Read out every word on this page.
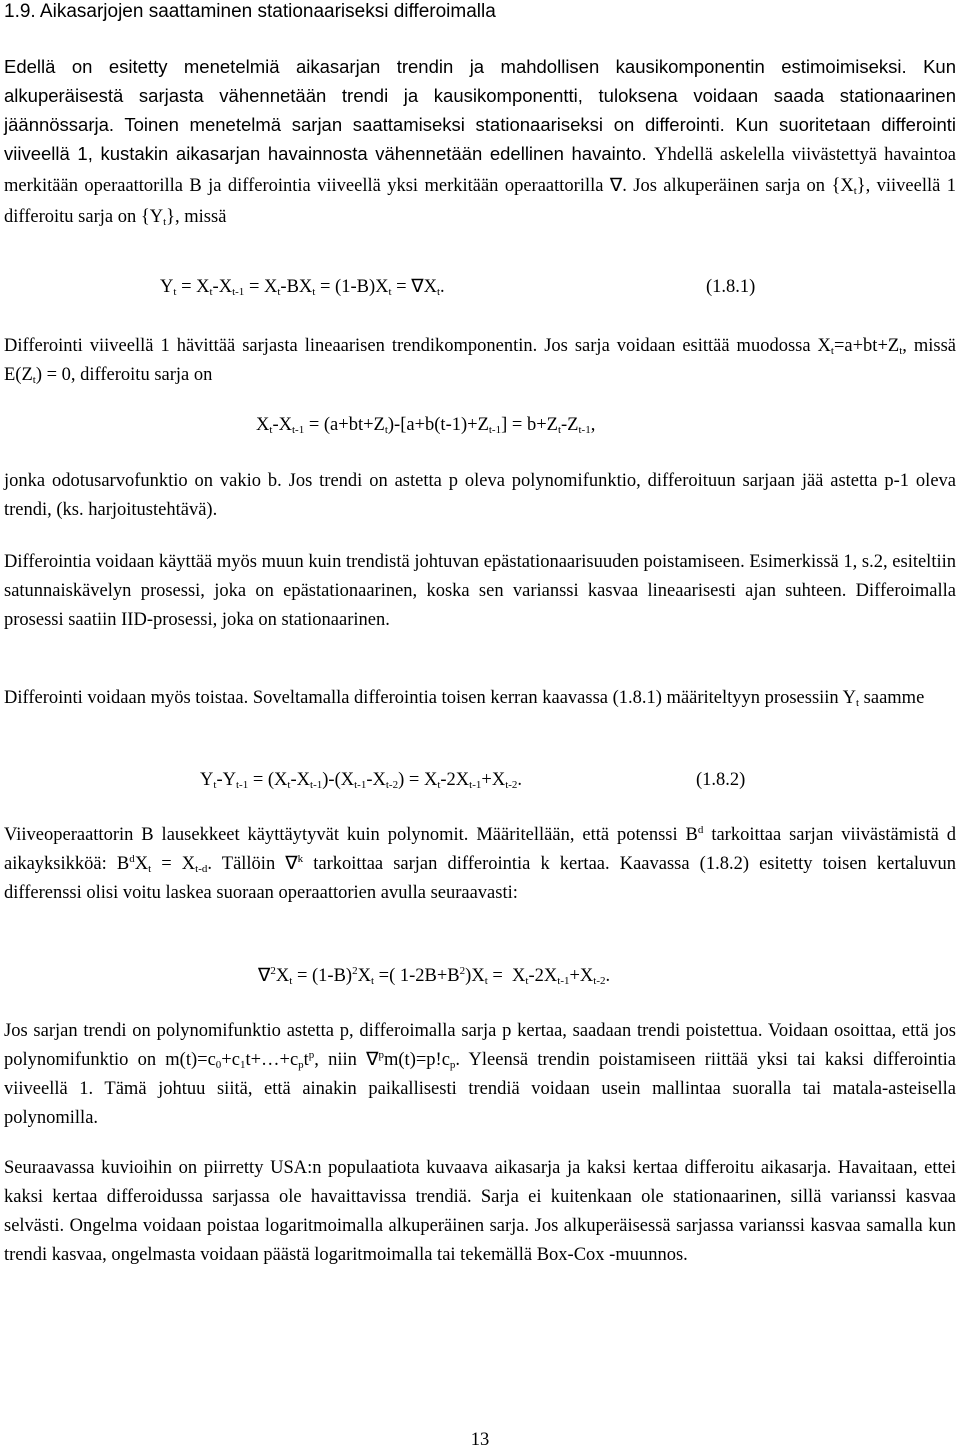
1.9. Aikasarjojen saattaminen stationaariseksi differoimalla
Edellä on esitetty menetelmiä aikasarjan trendin ja mahdollisen kausikomponentin estimoimiseksi. Kun alkuperäisestä sarjasta vähennetään trendi ja kausikomponentti, tuloksena voidaan saada stationaarinen jäännössarja. Toinen menetelmä sarjan saattamiseksi stationaariseksi on differointi. Kun suoritetaan differointi viiveellä 1, kustakin aikasarjan havainnosta vähennetään edellinen havainto. Yhdellä askelella viivästettyä havaintoa merkitään operaattorilla B ja differointia viiveellä yksi merkitään operaattorilla ∇. Jos alkuperäinen sarja on $\{X_t\}$, viiveellä 1 differoitu sarja on $\{Y_t\}$, missä
$Y_t = X_t-X_{t-1} = X_t-BX_t = (1-B)X_t = \nabla X_t$.	(1.8.1)
Differointi viiveellä 1 hävittää sarjasta lineaarisen trendikomponentin. Jos sarja voidaan esittää muodossa $X_t=a+bt+Z_t$, missä $E(Z_t) = 0$, differoitu sarja on
$X_t-X_{t-1} = (a+bt+Z_t)-[a+b(t-1)+Z_{t-1}] = b+Z_t-Z_{t-1}$,
jonka odotusarvofunktio on vakio b. Jos trendi on astetta p oleva polynomifunktio, differoituun sarjaan jää astetta p-1 oleva trendi, (ks. harjoitustehtävä).
Differointia voidaan käyttää myös muun kuin trendistä johtuvan epästationaarisuuden poistamiseen. Esimerkissä 1, s.2, esiteltiin satunnaiskävelyn prosessi, joka on epästationaarinen, koska sen varianssi kasvaa lineaarisesti ajan suhteen. Differoimalla prosessi saatiin IID-prosessi, joka on stationaarinen.
Differointi voidaan myös toistaa. Soveltamalla differointia toisen kerran kaavassa (1.8.1) määriteltyyn prosessiin $Y_t$ saamme
$Y_t-Y_{t-1} = (X_t-X_{t-1})-(X_{t-1}-X_{t-2}) = X_t-2X_{t-1}+X_{t-2}$.	(1.8.2)
Viiveoperaattorin B lausekkeet käyttäytyvät kuin polynomit. Määritellään, että potenssi $B^d$ tarkoittaa sarjan viivästämistä d aikayksikköä: $B^dX_t = X_{t-d}$. Tällöin ∇$^k$ tarkoittaa sarjan differointia k kertaa. Kaavassa (1.8.2) esitetty toisen kertaluvun differenssi olisi voitu laskea suoraan operaattorien avulla seuraavasti:
$\nabla^2X_t = (1-B)^2X_t$ =( $1-2B+B^2)X_t = X_t-2X_{t-1}+X_{t-2}$.
Jos sarjan trendi on polynomifunktio astetta p, differoimalla sarja p kertaa, saadaan trendi poistettua. Voidaan osoittaa, että jos polynomifunktio on $m(t)=c_0+c_1t+\dots+c_pt^p$, niin $\nabla^pm(t)=p!c_p$. Yleensä trendin poistamiseen riittää yksi tai kaksi differointia viiveellä 1. Tämä johtuu siitä, että ainakin paikallisesti trendiä voidaan usein mallintaa suoralla tai matala-asteisella polynomilla.
Seuraavassa kuvioihin on piirretty USA:n populaatiota kuvaava aikasarja ja kaksi kertaa differoitu aikasarja. Havaitaan, ettei kaksi kertaa differoidussa sarjassa ole havaittavissa trendiä. Sarja ei kuitenkaan ole stationaarinen, sillä varianssi kasvaa selvästi. Ongelma voidaan poistaa logaritmoimalla alkuperäinen sarja. Jos alkuperäisessä sarjassa varianssi kasvaa samalla kun trendi kasvaa, ongelmasta voidaan päästä logaritmoimalla tai tekemällä Box-Cox -muunnos.
13
